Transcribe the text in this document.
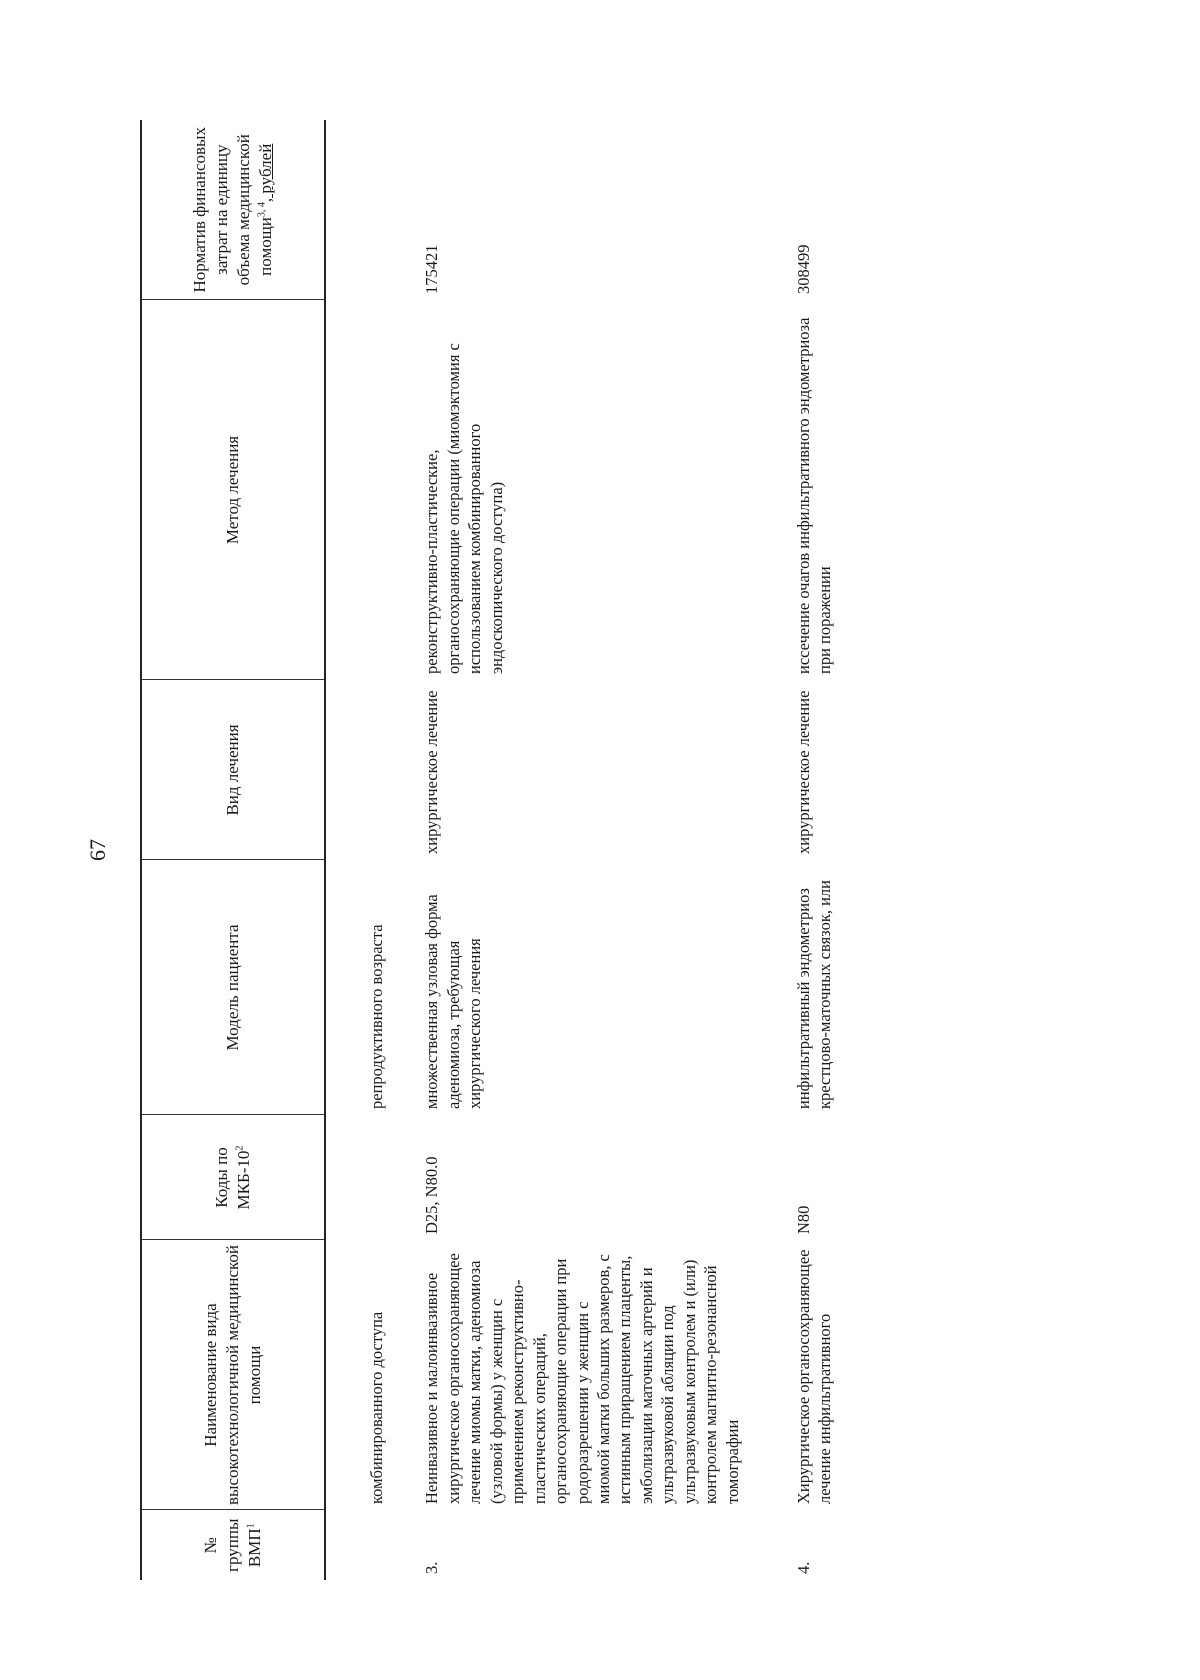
67
№ группы ВМП$^1$	Наименование вида высокотехнологичной медицинской помощи	Коды по МКБ-$10^2$	Модель пациента	Вид лечения	Метод лечения	Норматив финансовых затрат на единицу объема медицинской помощи$^{3, 4}$, рублей
	комбинированного доступа		репродуктивного возраста			
3.	Неинвазивное и малоинвазивное хирургическое органосохраняющее лечение миомы матки, аденомиоза (узловой формы) у женщин с применением реконструктивно-пластических операций, органосохраняющие операции при родоразрешении у женщин с миомой матки больших размеров, с истинным приращением плаценты, эмболизации маточных артерий и ультразвуковой абляции под ультразвуковым контролем и (или) контролем магнитно-резонансной томографии	D25, N80.0	множественная узловая форма аденомиоза, требующая хирургического лечения	хирургическое лечение	реконструктивно-пластические, органосохраняющие операции (миомэктомия с использованием комбинированного эндоскопического доступа)	175421
4.	Хирургическое органосохраняющее лечение инфильтративного	N80	инфильтративный эндометриоз крестцово-маточных связок, или	хирургическое лечение	иссечение очагов инфильтративного эндометриоза при поражении	308499
